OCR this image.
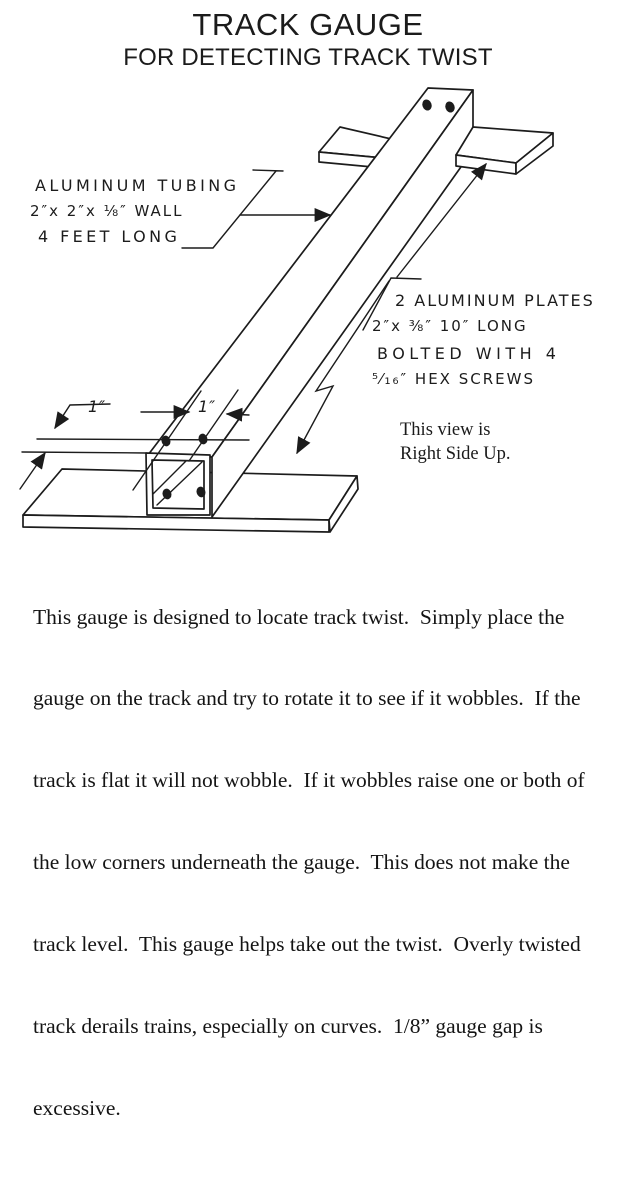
TRACK GAUGE
FOR DETECTING TRACK TWIST
ALUMINUM TUBING
2″x 2″x ⅛″ WALL
4 FEET LONG
2 ALUMINUM PLATES
2″x ⅜″ 10″ LONG
BOLTED WITH 4
⁵⁄₁₆″ HEX SCREWS
1″	1″
This view is
Right Side Up.

This gauge is designed to locate track twist.  Simply place the

gauge on the track and try to rotate it to see if it wobbles.  If the

track is flat it will not wobble.  If it wobbles raise one or both of

the low corners underneath the gauge.  This does not make the

track level.  This gauge helps take out the twist.  Overly twisted

track derails trains, especially on curves.  1/8” gauge gap is

excessive.
